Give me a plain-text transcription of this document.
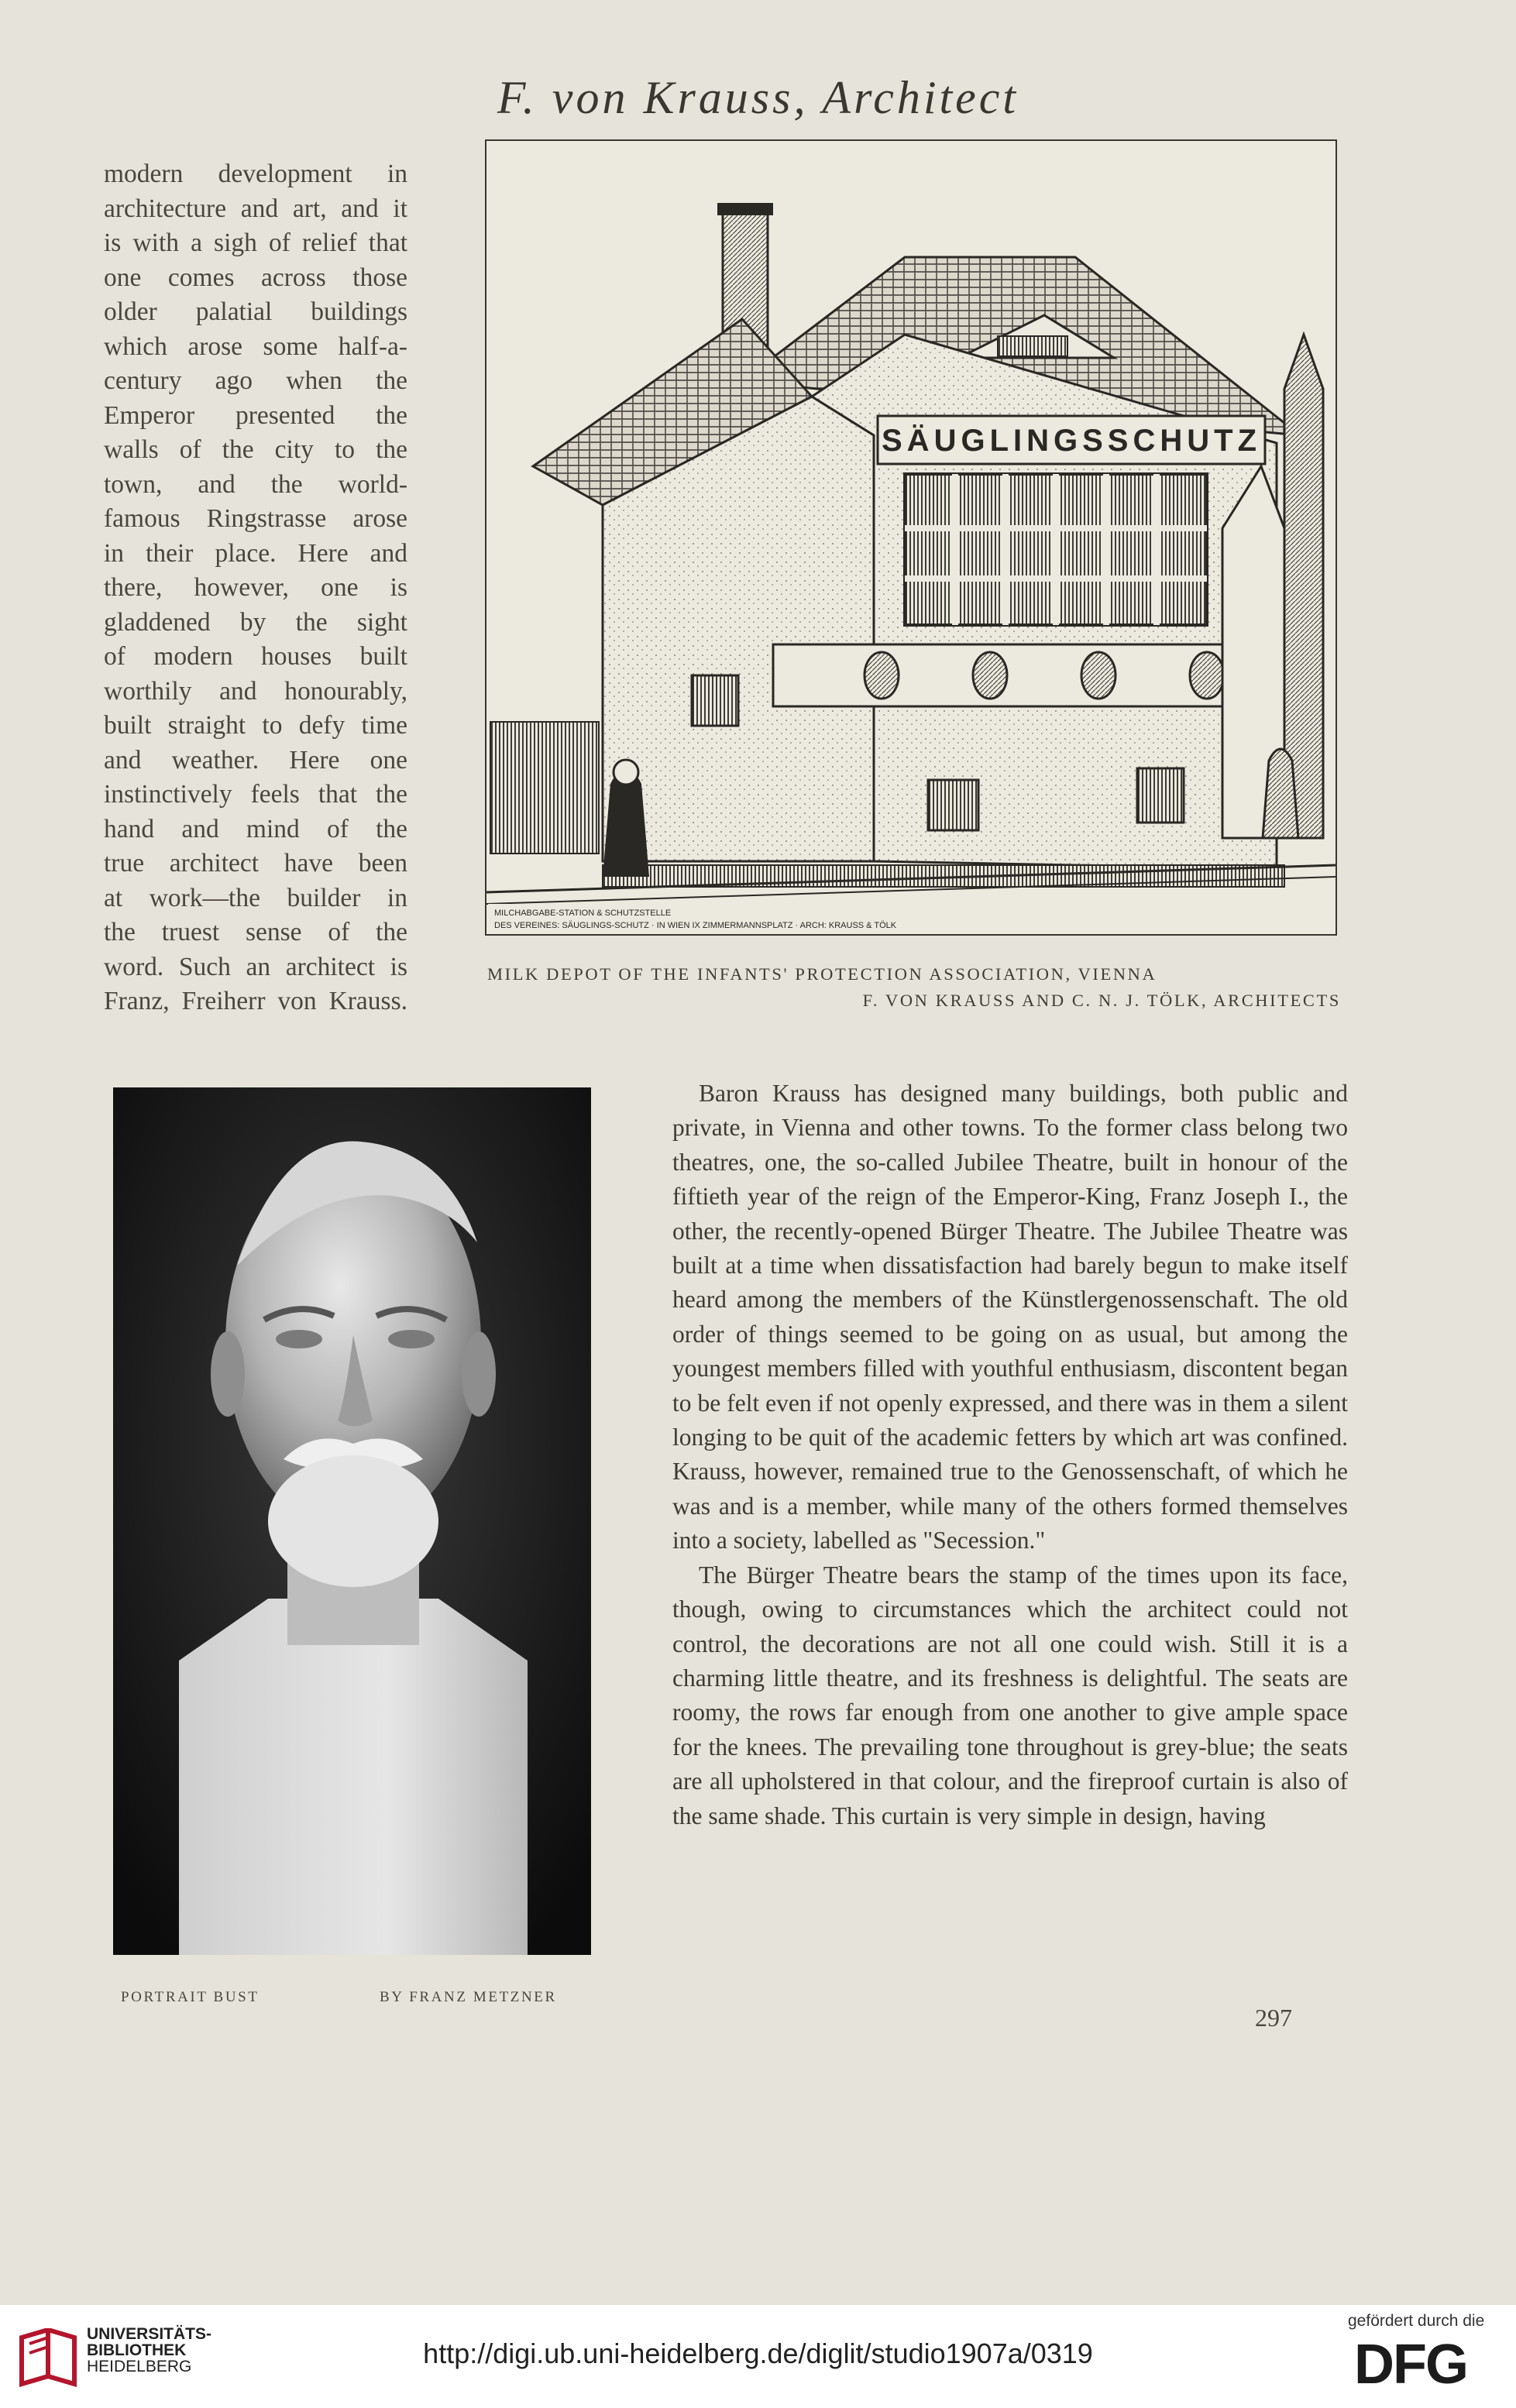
F. von Krauss, Architect
modern development in
architecture and art, and it
is with a sigh of relief that
one comes across those
older palatial buildings
which arose some half-a-
century ago when the
Emperor presented the
walls of the city to the
town, and the world-
famous Ringstrasse arose
in their place. Here and
there, however, one is
gladdened by the sight
of modern houses built
worthily and honourably,
built straight to defy time
and weather. Here one
instinctively feels that the
hand and mind of the
true architect have been
at work—the builder in
the truest sense of the
word. Such an architect is
Franz, Freiherr von Krauss.
SÄUGLINGSSCHUTZ
MILCHABGABE-STATION & SCHUTZSTELLE
DES VEREINES: SÄUGLINGS-SCHUTZ · IN WIEN IX ZIMMERMANNSPLATZ · ARCH: KRAUSS & TÖLK
MILK DEPOT OF THE INFANTS' PROTECTION ASSOCIATION, VIENNA
F. VON KRAUSS AND C. N. J. TÖLK, ARCHITECTS
PORTRAIT BUST	BY FRANZ METZNER

Baron Krauss has designed many buildings, both public and private, in Vienna and other towns. To the former class belong two theatres, one, the so-called Jubilee Theatre, built in honour of the fiftieth year of the reign of the Emperor-King, Franz Joseph I., the other, the recently-opened Bürger Theatre. The Jubilee Theatre was built at a time when dissatisfaction had barely begun to make itself heard among the members of the Künstlergenossenschaft. The old order of things seemed to be going on as usual, but among the youngest members filled with youthful enthusiasm, discontent began to be felt even if not openly expressed, and there was in them a silent longing to be quit of the academic fetters by which art was confined. Krauss, however, remained true to the Genossenschaft, of which he was and is a member, while many of the others formed themselves into a society, labelled as "Secession."

The Bürger Theatre bears the stamp of the times upon its face, though, owing to circumstances which the architect could not control, the decorations are not all one could wish. Still it is a charming little theatre, and its freshness is delightful. The seats are roomy, the rows far enough from one another to give ample space for the knees. The prevailing tone throughout is grey-blue; the seats are all upholstered in that colour, and the fireproof curtain is also of the same shade. This curtain is very simple in design, having

297
UNIVERSITÄTS-
BIBLIOTHEK
HEIDELBERG	http://digi.ub.uni-heidelberg.de/diglit/studio1907a/0319
gefördert durch die
DFG
